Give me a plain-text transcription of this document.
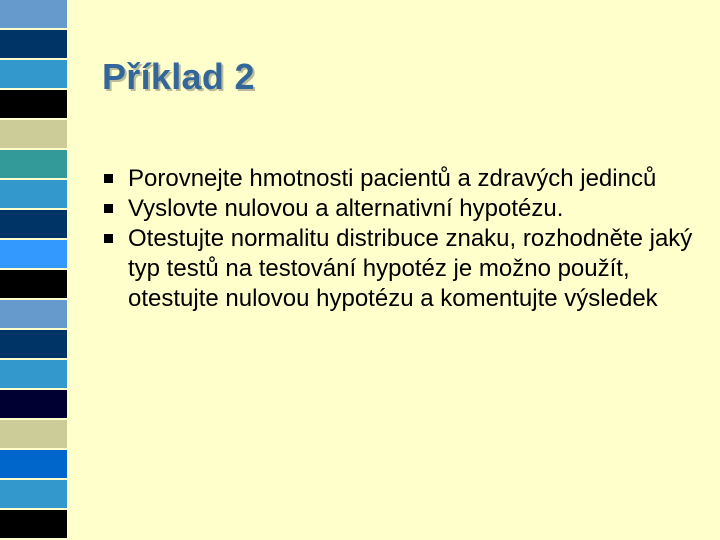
Příklad 2
Porovnejte hmotnosti pacientů a zdravých jedinců
Vyslovte nulovou a alternativní hypotézu.
Otestujte normalitu distribuce znaku, rozhodněte jaký typ testů na testování hypotéz je možno použít, otestujte nulovou hypotézu a komentujte výsledek
